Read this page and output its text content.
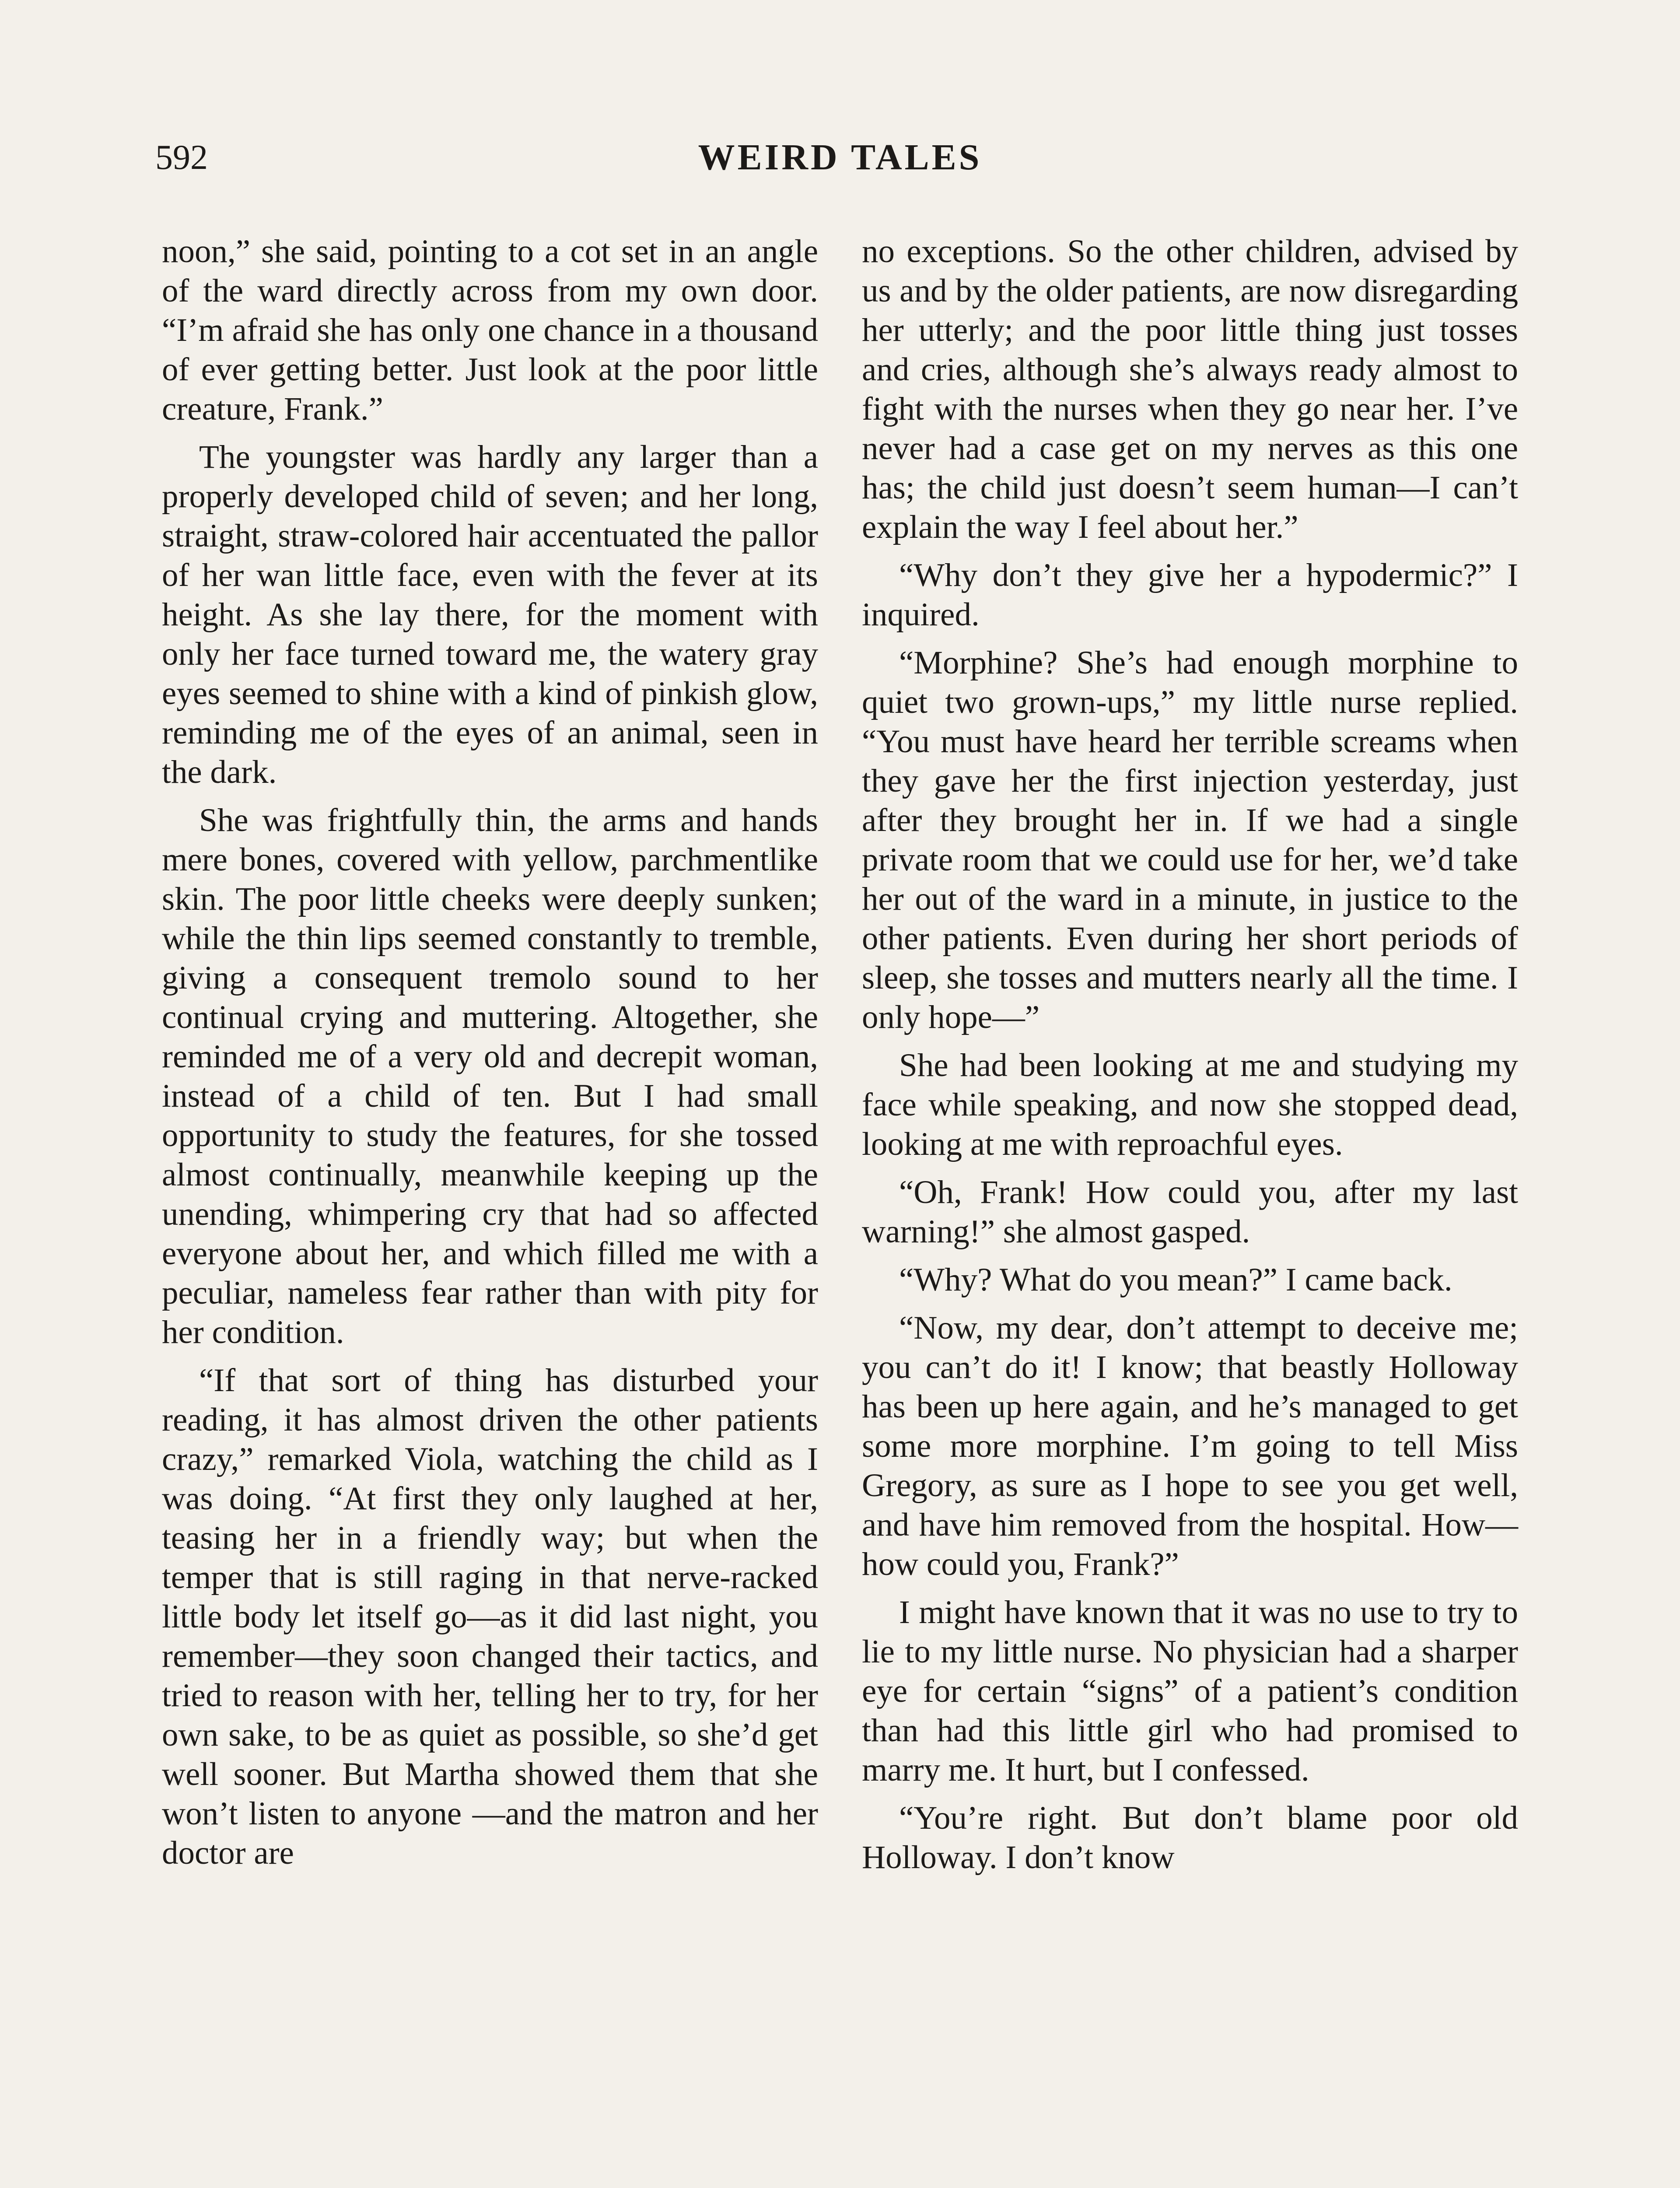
592	WEIRD TALES

noon,” she said, pointing to a cot set in an angle of the ward directly across from my own door. “I’m afraid she has only one chance in a thousand of ever getting better. Just look at the poor little creature, Frank.”

The youngster was hardly any larger than a properly developed child of seven; and her long, straight, straw-colored hair accentuated the pallor of her wan little face, even with the fever at its height. As she lay there, for the moment with only her face turned toward me, the watery gray eyes seemed to shine with a kind of pinkish glow, reminding me of the eyes of an animal, seen in the dark.

She was frightfully thin, the arms and hands mere bones, covered with yellow, parchmentlike skin. The poor little cheeks were deeply sunken; while the thin lips seemed constantly to tremble, giving a consequent tremolo sound to her continual crying and muttering. Altogether, she reminded me of a very old and decrepit woman, instead of a child of ten. But I had small opportunity to study the features, for she tossed almost continually, meanwhile keeping up the unending, whimpering cry that had so affected everyone about her, and which filled me with a peculiar, nameless fear rather than with pity for her condition.

“If that sort of thing has disturbed your reading, it has almost driven the other patients crazy,” remarked Viola, watching the child as I was doing. “At first they only laughed at her, teasing her in a friendly way; but when the temper that is still raging in that nerve-racked little body let itself go—as it did last night, you remember—they soon changed their tactics, and tried to reason with her, telling her to try, for her own sake, to be as quiet as possible, so she’d get well sooner. But Martha showed them that she won’t listen to anyone —and the matron and her doctor are

no exceptions. So the other children, advised by us and by the older patients, are now disregarding her utterly; and the poor little thing just tosses and cries, although she’s always ready almost to fight with the nurses when they go near her. I’ve never had a case get on my nerves as this one has; the child just doesn’t seem human—I can’t explain the way I feel about her.”

“Why don’t they give her a hypodermic?” I inquired.

“Morphine? She’s had enough morphine to quiet two grown-ups,” my little nurse replied. “You must have heard her terrible screams when they gave her the first injection yesterday, just after they brought her in. If we had a single private room that we could use for her, we’d take her out of the ward in a minute, in justice to the other patients. Even during her short periods of sleep, she tosses and mutters nearly all the time. I only hope—”

She had been looking at me and studying my face while speaking, and now she stopped dead, looking at me with reproachful eyes.

“Oh, Frank! How could you, after my last warning!” she almost gasped.

“Why? What do you mean?” I came back.

“Now, my dear, don’t attempt to deceive me; you can’t do it! I know; that beastly Holloway has been up here again, and he’s managed to get some more morphine. I’m going to tell Miss Gregory, as sure as I hope to see you get well, and have him removed from the hospital. How—how could you, Frank?”

I might have known that it was no use to try to lie to my little nurse. No physician had a sharper eye for certain “signs” of a patient’s condition than had this little girl who had promised to marry me. It hurt, but I confessed.

“You’re right. But don’t blame poor old Holloway. I don’t know
